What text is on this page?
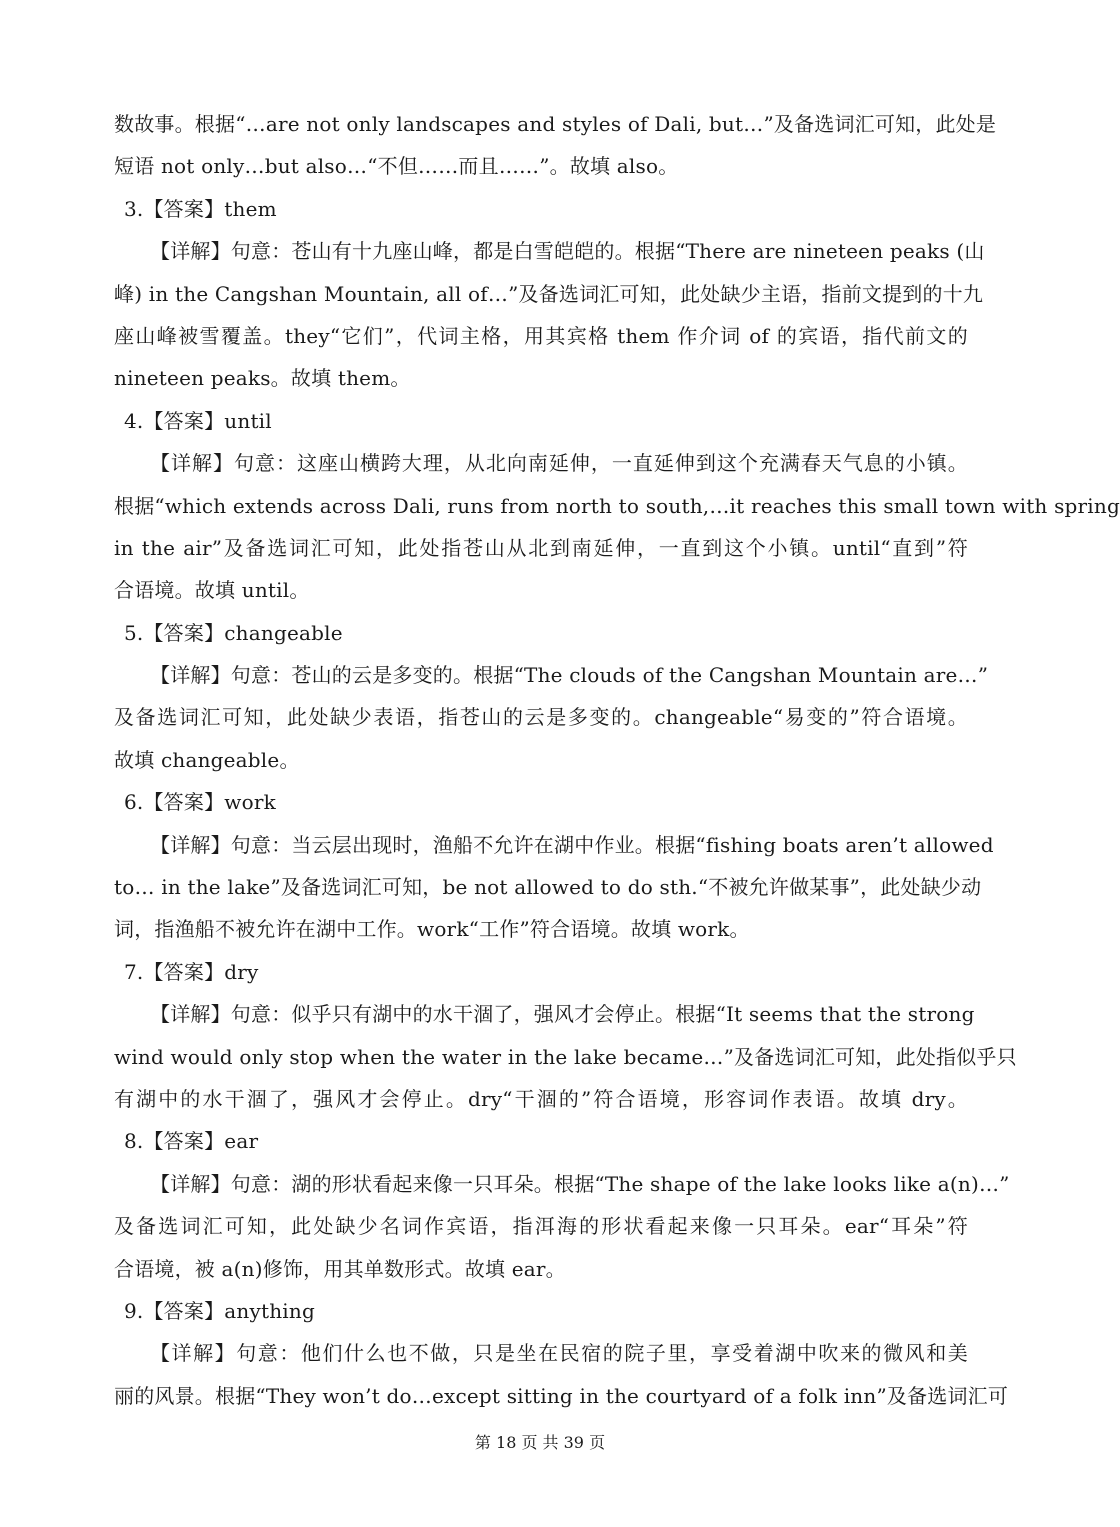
数故事。根据“…are not only landscapes and styles of Dali, but…”及备选词汇可知，此处是
短语 not only…but also…“不但……而且……”。故填 also。
3.【答案】them
【详解】句意：苍山有十九座山峰，都是白雪皑皑的。根据“There are nineteen peaks (山
峰) in the Cangshan Mountain, all of…”及备选词汇可知，此处缺少主语，指前文提到的十九
座山峰被雪覆盖。they“它们”，代词主格，用其宾格 them 作介词 of 的宾语，指代前文的
nineteen peaks。故填 them。
4.【答案】until
【详解】句意：这座山横跨大理，从北向南延伸，一直延伸到这个充满春天气息的小镇。
根据“which extends across Dali, runs from north to south,…it reaches this small town with spring
in the air”及备选词汇可知，此处指苍山从北到南延伸，一直到这个小镇。until“直到”符
合语境。故填 until。
5.【答案】changeable
【详解】句意：苍山的云是多变的。根据“The clouds of the Cangshan Mountain are…”
及备选词汇可知，此处缺少表语，指苍山的云是多变的。changeable“易变的”符合语境。
故填 changeable。
6.【答案】work
【详解】句意：当云层出现时，渔船不允许在湖中作业。根据“fishing boats aren’t allowed
to… in the lake”及备选词汇可知，be not allowed to do sth.“不被允许做某事”，此处缺少动
词，指渔船不被允许在湖中工作。work“工作”符合语境。故填 work。
7.【答案】dry
【详解】句意：似乎只有湖中的水干涸了，强风才会停止。根据“It seems that the strong
wind would only stop when the water in the lake became…”及备选词汇可知，此处指似乎只
有湖中的水干涸了，强风才会停止。dry“干涸的”符合语境，形容词作表语。故填 dry。
8.【答案】ear
【详解】句意：湖的形状看起来像一只耳朵。根据“The shape of the lake looks like a(n)…”
及备选词汇可知，此处缺少名词作宾语，指洱海的形状看起来像一只耳朵。ear“耳朵”符
合语境，被 a(n)修饰，用其单数形式。故填 ear。
9.【答案】anything
【详解】句意：他们什么也不做，只是坐在民宿的院子里，享受着湖中吹来的微风和美
丽的风景。根据“They won’t do…except sitting in the courtyard of a folk inn”及备选词汇可
第 18 页 共 39 页
